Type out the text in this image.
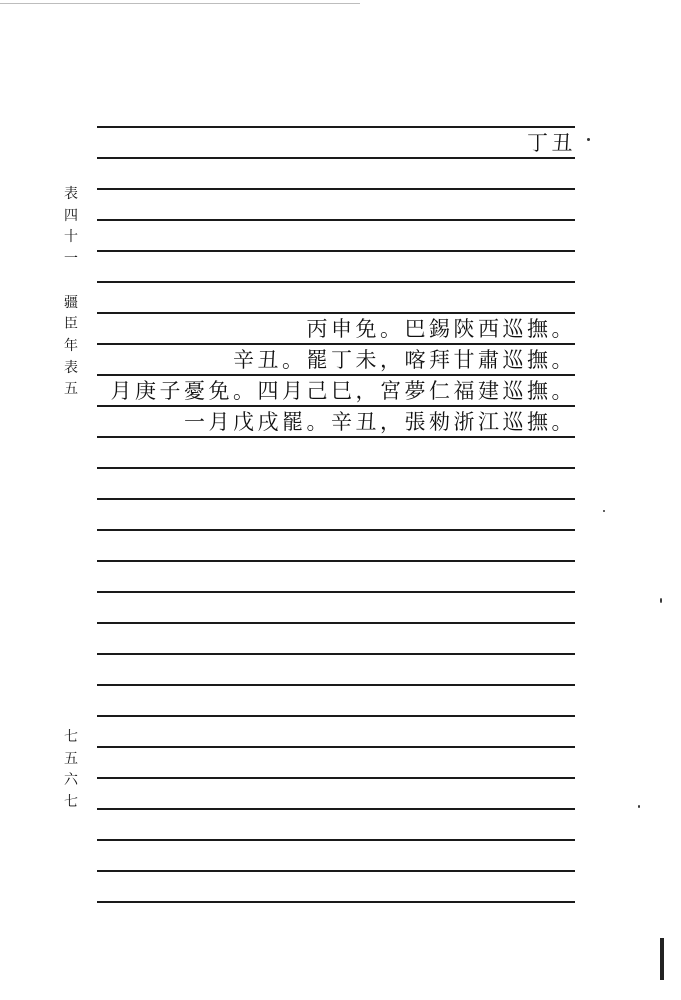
表
四
十
一

疆
臣
年
表
五
七
五
六
七
丁丑
丙申免。巴錫陝西巡撫。
辛丑。罷丁未，喀拜甘肅巡撫。
月庚子憂免。四月己巳，宮夢仁福建巡撫。
一月戊戌罷。辛丑，張勑浙江巡撫。
